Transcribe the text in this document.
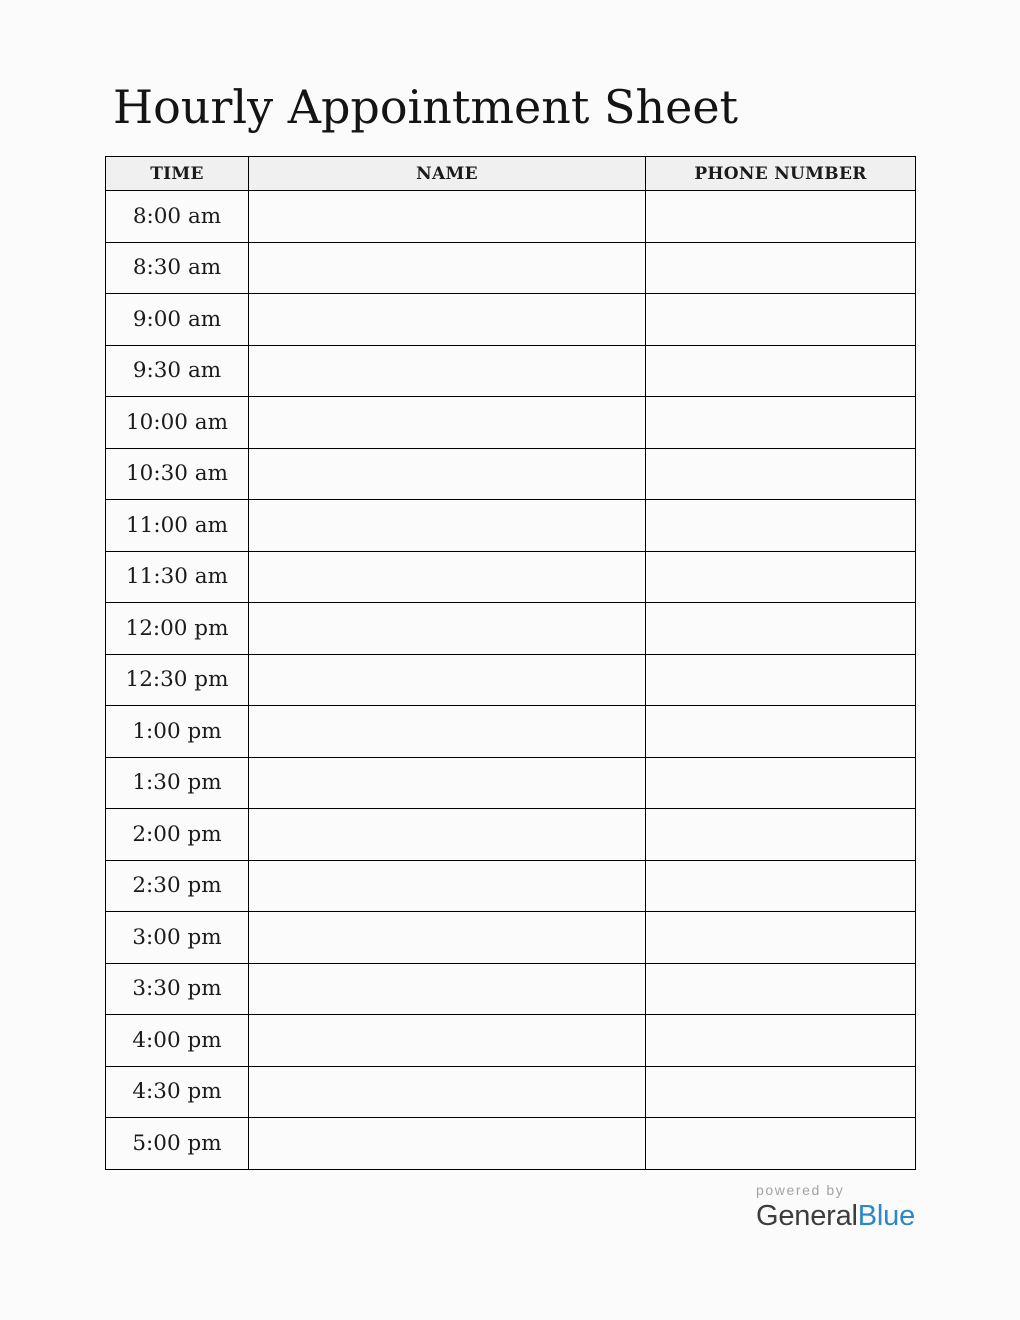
Hourly Appointment Sheet
TIME	NAME	PHONE NUMBER
8:00 am		
8:30 am		
9:00 am		
9:30 am		
10:00 am		
10:30 am		
11:00 am		
11:30 am		
12:00 pm		
12:30 pm		
1:00 pm		
1:30 pm		
2:00 pm		
2:30 pm		
3:00 pm		
3:30 pm		
4:00 pm		
4:30 pm		
5:00 pm		
powered by
GeneralBlue
